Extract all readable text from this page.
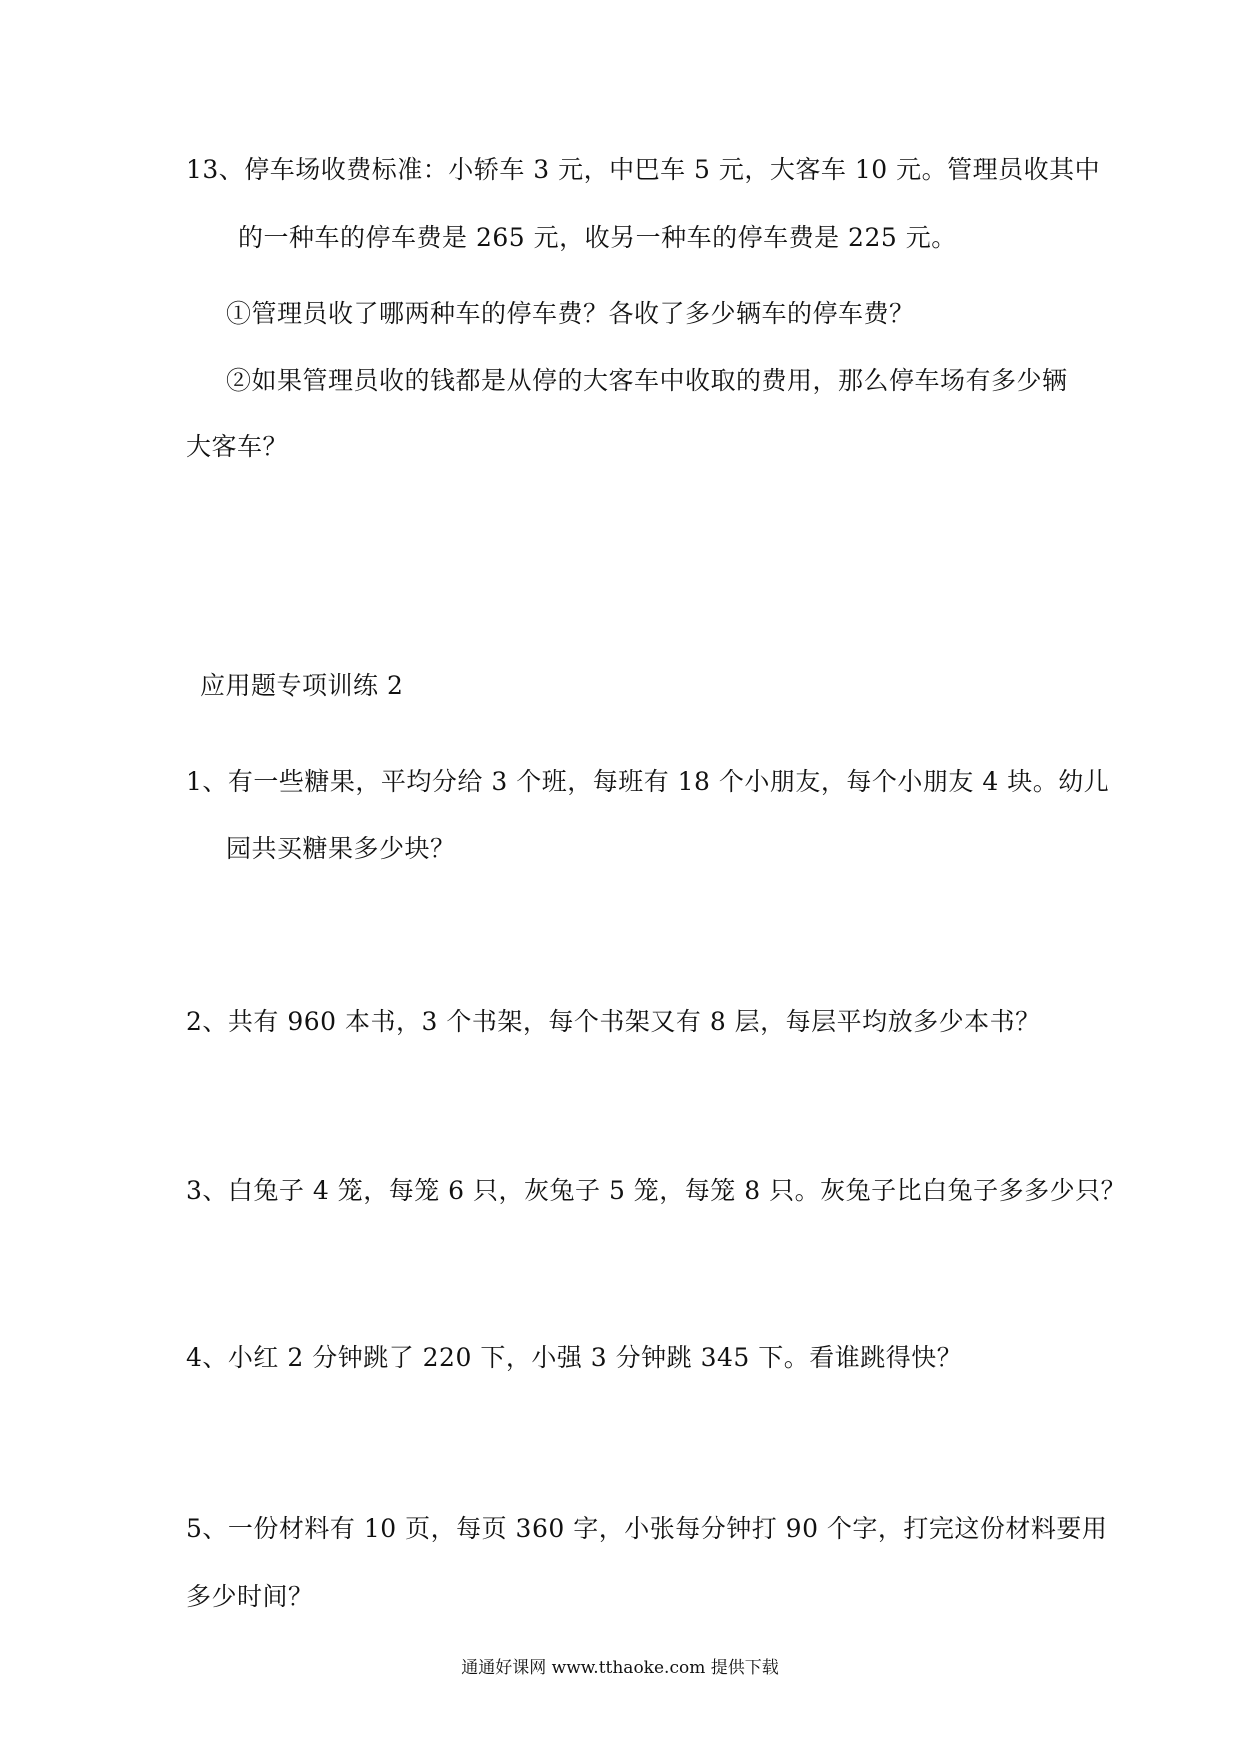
13、停车场收费标准：小轿车 3 元，中巴车 5 元，大客车 10 元。管理员收其中
的一种车的停车费是 265 元，收另一种车的停车费是 225 元。
①管理员收了哪两种车的停车费？各收了多少辆车的停车费？
②如果管理员收的钱都是从停的大客车中收取的费用，那么停车场有多少辆
大客车？
应用题专项训练 2
1、有一些糖果，平均分给 3 个班，每班有 18 个小朋友，每个小朋友 4 块。幼儿
园共买糖果多少块？
2、共有 960 本书，3 个书架，每个书架又有 8 层，每层平均放多少本书？
3、白兔子 4 笼，每笼 6 只，灰兔子 5 笼，每笼 8 只。灰兔子比白兔子多多少只？
4、小红 2 分钟跳了 220 下，小强 3 分钟跳 345 下。看谁跳得快？
5、一份材料有 10 页，每页 360 字，小张每分钟打 90 个字，打完这份材料要用
多少时间？
通通好课网 www.tthaoke.com 提供下载
